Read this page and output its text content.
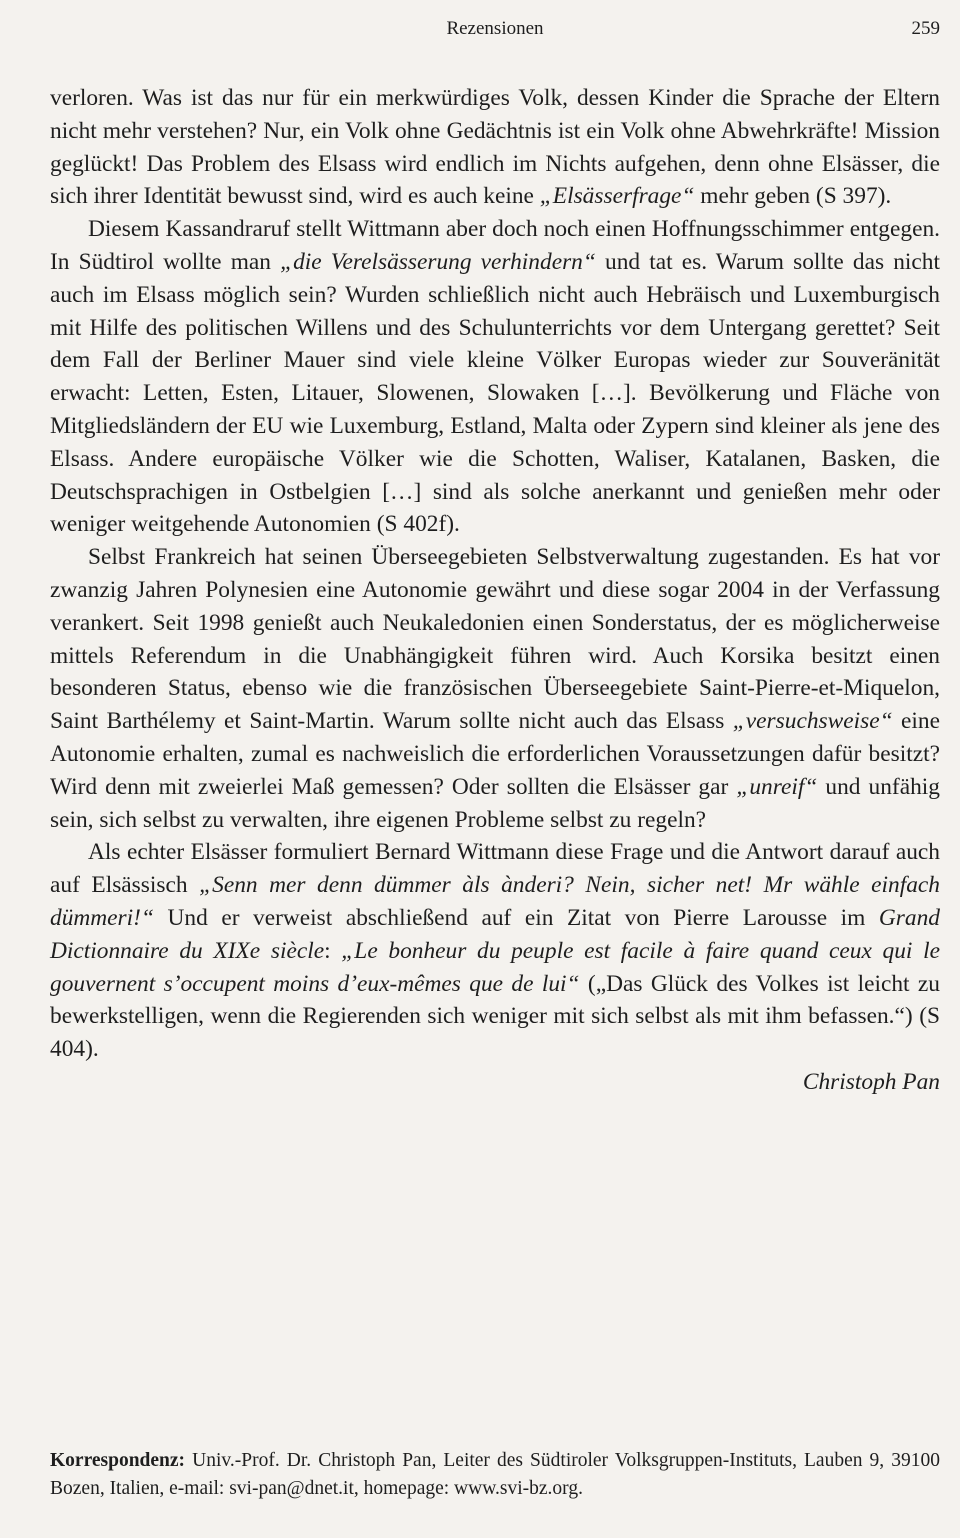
Rezensionen	259

verloren. Was ist das nur für ein merkwürdiges Volk, dessen Kinder die Sprache der Eltern nicht mehr verstehen? Nur, ein Volk ohne Gedächtnis ist ein Volk ohne Abwehrkräfte! Mission geglückt! Das Problem des Elsass wird endlich im Nichts aufgehen, denn ohne Elsässer, die sich ihrer Identität bewusst sind, wird es auch keine „Elsässerfrage“ mehr geben (S 397).

Diesem Kassandraruf stellt Wittmann aber doch noch einen Hoffnungsschimmer entgegen. In Südtirol wollte man „die Verelsässerung verhindern“ und tat es. Warum sollte das nicht auch im Elsass möglich sein? Wurden schließlich nicht auch Hebräisch und Luxemburgisch mit Hilfe des politischen Willens und des Schulunterrichts vor dem Untergang gerettet? Seit dem Fall der Berliner Mauer sind viele kleine Völker Europas wieder zur Souveränität erwacht: Letten, Esten, Litauer, Slowenen, Slowaken […]. Bevölkerung und Fläche von Mitgliedsländern der EU wie Luxemburg, Estland, Malta oder Zypern sind kleiner als jene des Elsass. Andere europäische Völker wie die Schotten, Waliser, Katalanen, Basken, die Deutschsprachigen in Ostbelgien […] sind als solche anerkannt und genießen mehr oder weniger weitgehende Autonomien (S 402f).

Selbst Frankreich hat seinen Überseegebieten Selbstverwaltung zugestanden. Es hat vor zwanzig Jahren Polynesien eine Autonomie gewährt und diese sogar 2004 in der Verfassung verankert. Seit 1998 genießt auch Neukaledonien einen Sonderstatus, der es möglicherweise mittels Referendum in die Unabhängigkeit führen wird. Auch Korsika besitzt einen besonderen Status, ebenso wie die französischen Überseegebiete Saint-Pierre-et-Miquelon, Saint Barthélemy et Saint-Martin. Warum sollte nicht auch das Elsass „versuchsweise“ eine Autonomie erhalten, zumal es nachweislich die erforderlichen Voraussetzungen dafür besitzt? Wird denn mit zweierlei Maß gemessen? Oder sollten die Elsässer gar „unreif“ und unfähig sein, sich selbst zu verwalten, ihre eigenen Probleme selbst zu regeln?

Als echter Elsässer formuliert Bernard Wittmann diese Frage und die Antwort darauf auch auf Elsässisch „Senn mer denn dümmer àls ànderi? Nein, sicher net! Mr wähle einfach dümmeri!“ Und er verweist abschließend auf ein Zitat von Pierre Larousse im Grand Dictionnaire du XIXe siècle: „Le bonheur du peuple est facile à faire quand ceux qui le gouvernent s’occupent moins d’eux-mêmes que de lui“ („Das Glück des Volkes ist leicht zu bewerkstelligen, wenn die Regierenden sich weniger mit sich selbst als mit ihm befassen.“) (S 404).

Christoph Pan

Korrespondenz: Univ.-Prof. Dr. Christoph Pan, Leiter des Südtiroler Volksgruppen-Instituts, Lauben 9, 39100 Bozen, Italien, e-mail: svi-pan@dnet.it, homepage: www.svi-bz.org.
